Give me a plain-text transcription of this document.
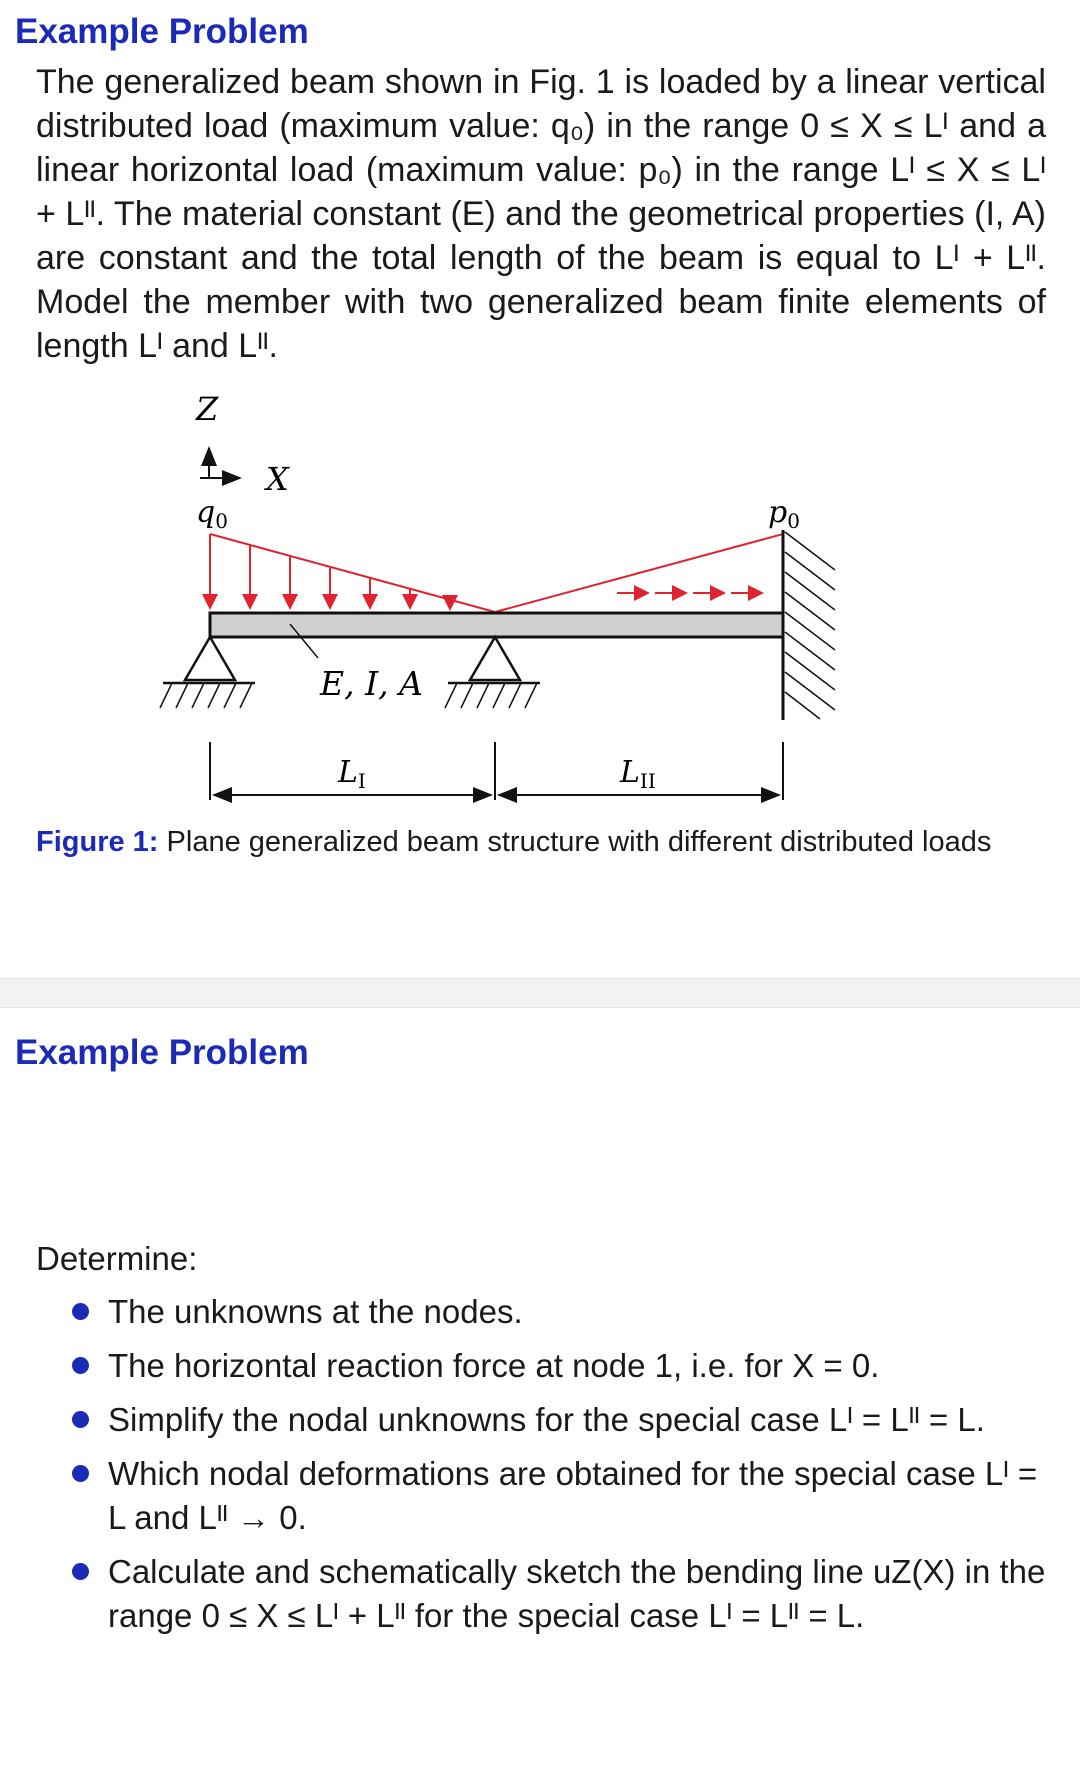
Example Problem
The generalized beam shown in Fig. 1 is loaded by a linear vertical distributed load (maximum value: q₀) in the range 0 ≤ X ≤ Lᴵ and a linear horizontal load (maximum value: p₀) in the range Lᴵ ≤ X ≤ Lᴵ + Lᴵᴵ. The material constant (E) and the geometrical properties (I, A) are constant and the total length of the beam is equal to Lᴵ + Lᴵᴵ. Model the member with two generalized beam finite elements of length Lᴵ and Lᴵᴵ.
Z
X
$q_0$	$p_0$
E, I, A
$L_I$	$L_{II}$
Figure 1: Plane generalized beam structure with different distributed loads
Example Problem
Determine:
The unknowns at the nodes.
The horizontal reaction force at node 1, i.e. for X = 0.
Simplify the nodal unknowns for the special case Lᴵ = Lᴵᴵ = L.
Which nodal deformations are obtained for the special case Lᴵ = L and Lᴵᴵ → 0.
Calculate and schematically sketch the bending line uZ(X) in the range 0 ≤ X ≤ Lᴵ + Lᴵᴵ for the special case Lᴵ = Lᴵᴵ = L.
